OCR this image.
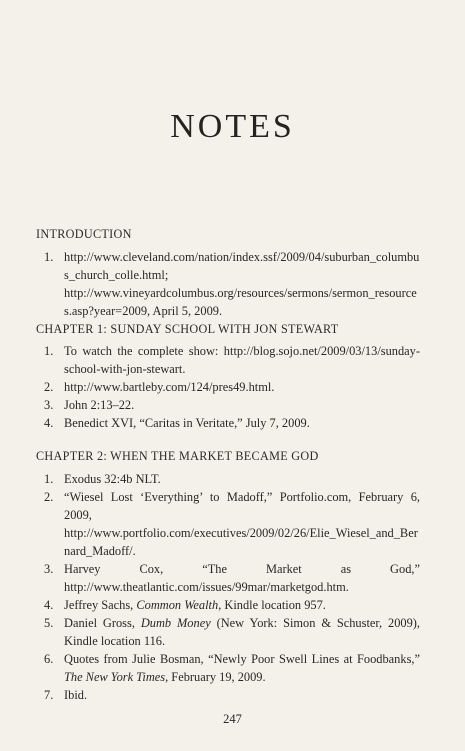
NOTES
INTRODUCTION
1. http://www.cleveland.com/nation/index.ssf/2009/04/suburban_columbus_church_colle.html; http://www.vineyardcolumbus.org/resources/sermons/sermon_resources.asp?year=2009, April 5, 2009.
CHAPTER 1: SUNDAY SCHOOL WITH JON STEWART
1. To watch the complete show: http://blog.sojo.net/2009/03/13/sunday-school-with-jon-stewart.
2. http://www.bartleby.com/124/pres49.html.
3. John 2:13–22.
4. Benedict XVI, “Caritas in Veritate,” July 7, 2009.
CHAPTER 2: WHEN THE MARKET BECAME GOD
1. Exodus 32:4b NLT.
2. “Wiesel Lost ‘Everything’ to Madoff,” Portfolio.com, February 6, 2009, http://www.portfolio.com/executives/2009/02/26/Elie_Wiesel_and_Bernard_Madoff/.
3. Harvey Cox, “The Market as God,” http://www.theatlantic.com/issues/99mar/marketgod.htm.
4. Jeffrey Sachs, Common Wealth, Kindle location 957.
5. Daniel Gross, Dumb Money (New York: Simon & Schuster, 2009), Kindle location 116.
6. Quotes from Julie Bosman, “Newly Poor Swell Lines at Foodbanks,” The New York Times, February 19, 2009.
7. Ibid.
247
